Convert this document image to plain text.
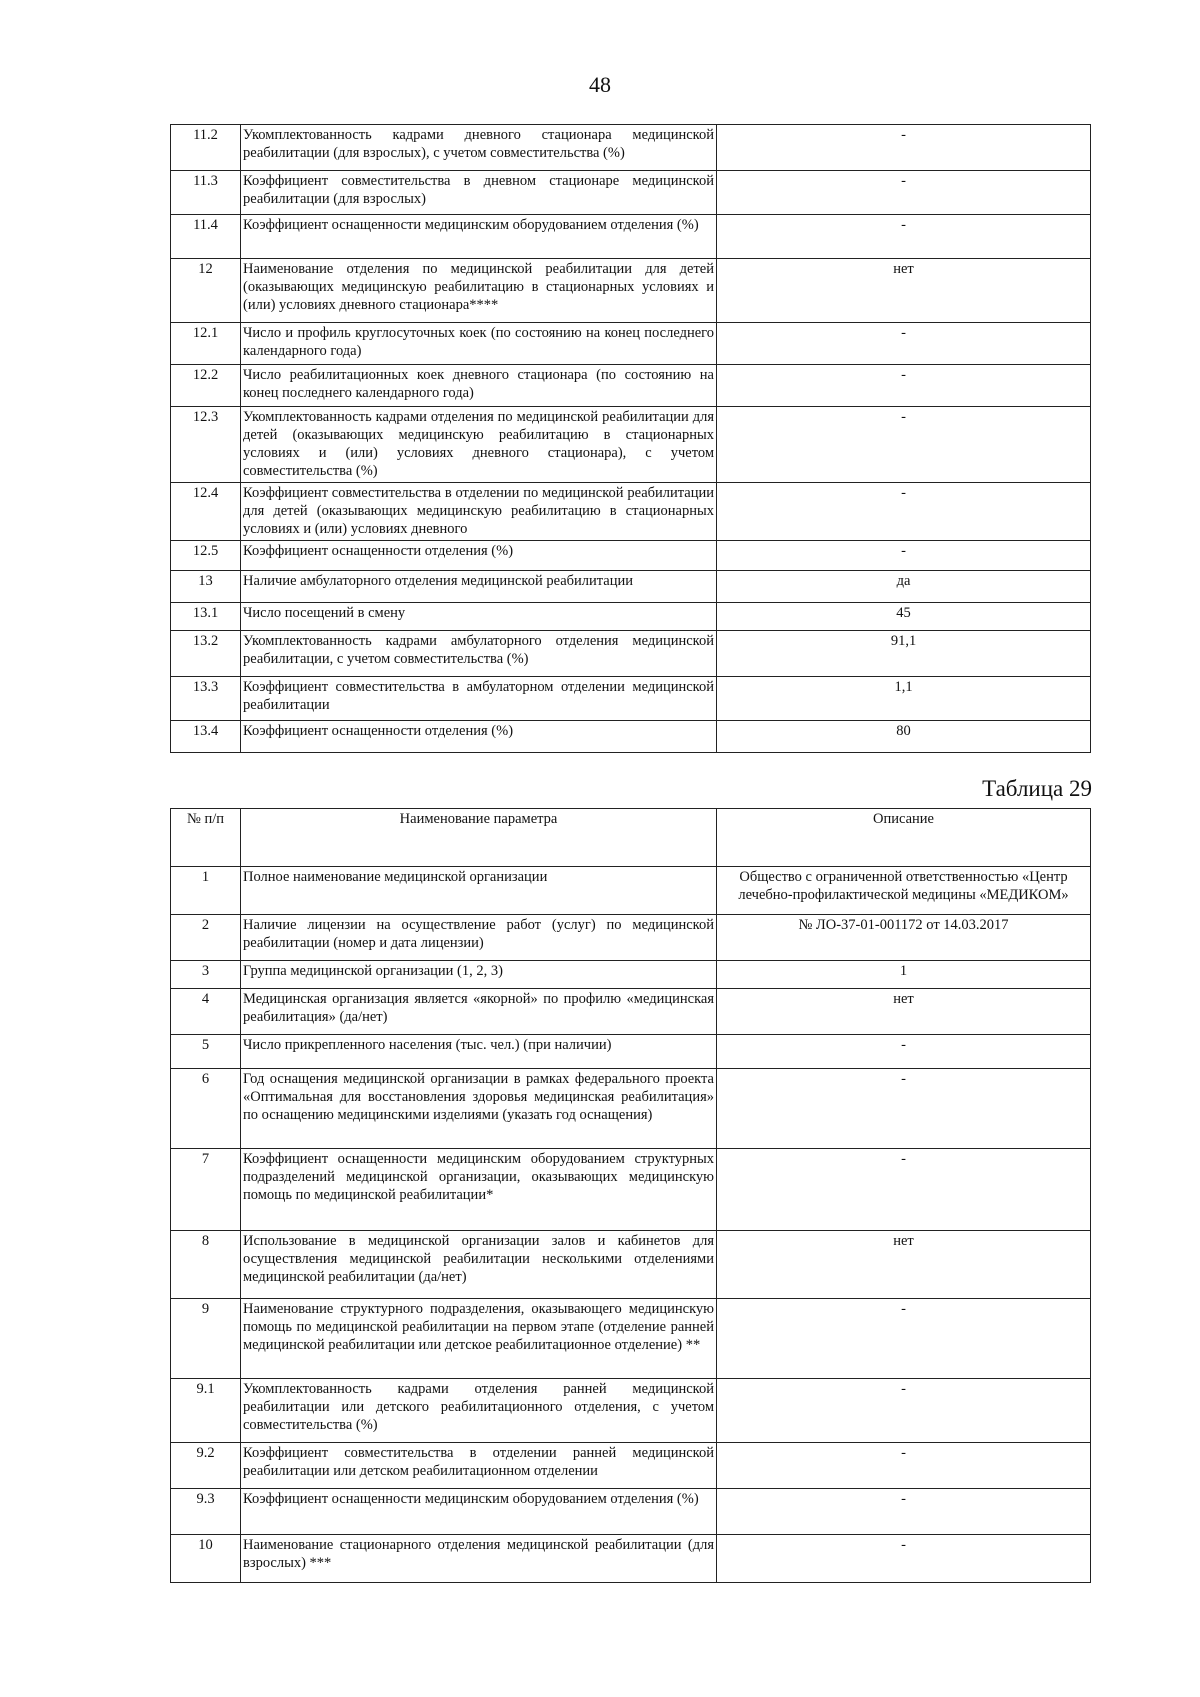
48
11.2	Укомплектованность кадрами дневного стационара медицинской реабилитации (для взрослых), с учетом совместительства (%)	-
11.3	Коэффициент совместительства в дневном стационаре медицинской реабилитации (для взрослых)	-
11.4	Коэффициент оснащенности медицинским оборудованием отделения (%)	-
12	Наименование отделения по медицинской реабилитации для детей (оказывающих медицинскую реабилитацию в стационарных условиях и (или) условиях дневного стационара****	нет
12.1	Число и профиль круглосуточных коек (по состоянию на конец последнего календарного года)	-
12.2	Число реабилитационных коек дневного стационара (по состоянию на конец последнего календарного года)	-
12.3	Укомплектованность кадрами отделения по медицинской реабилитации для детей (оказывающих медицинскую реабилитацию в стационарных условиях и (или) условиях дневного стационара), с учетом совместительства (%)	-
12.4	Коэффициент совместительства в отделении по медицинской реабилитации для детей (оказывающих медицинскую реабилитацию в стационарных условиях и (или) условиях дневного	-
12.5	Коэффициент оснащенности отделения (%)	-
13	Наличие амбулаторного отделения медицинской реабилитации	да
13.1	Число посещений в смену	45
13.2	Укомплектованность кадрами амбулаторного отделения медицинской реабилитации, с учетом совместительства (%)	91,1
13.3	Коэффициент совместительства в амбулаторном отделении медицинской реабилитации	1,1
13.4	Коэффициент оснащенности отделения (%)	80
Таблица 29
№ п/п	Наименование параметра	Описание
1	Полное наименование медицинской организации	Общество с ограниченной ответственностью «Центр лечебно-профилактической медицины «МЕДИКОМ»
2	Наличие лицензии на осуществление работ (услуг) по медицинской реабилитации (номер и дата лицензии)	№ ЛО-37-01-001172 от 14.03.2017
3	Группа медицинской организации (1, 2, 3)	1
4	Медицинская организация является «якорной» по профилю «медицинская реабилитация» (да/нет)	нет
5	Число прикрепленного населения (тыс. чел.) (при наличии)	-
6	Год оснащения медицинской организации в рамках федерального проекта «Оптимальная для восстановления здоровья медицинская реабилитация» по оснащению медицинскими изделиями (указать год оснащения)	-
7	Коэффициент оснащенности медицинским оборудованием структурных подразделений медицинской организации, оказывающих медицинскую помощь по медицинской реабилитации*	-
8	Использование в медицинской организации залов и кабинетов для осуществления медицинской реабилитации несколькими отделениями медицинской реабилитации (да/нет)	нет
9	Наименование структурного подразделения, оказывающего медицинскую помощь по медицинской реабилитации на первом этапе (отделение ранней медицинской реабилитации или детское реабилитационное отделение) **	-
9.1	Укомплектованность кадрами отделения ранней медицинской реабилитации или детского реабилитационного отделения, с учетом совместительства (%)	-
9.2	Коэффициент совместительства в отделении ранней медицинской реабилитации или детском реабилитационном отделении	-
9.3	Коэффициент оснащенности медицинским оборудованием отделения (%)	-
10	Наименование стационарного отделения медицинской реабилитации (для взрослых) ***	-
